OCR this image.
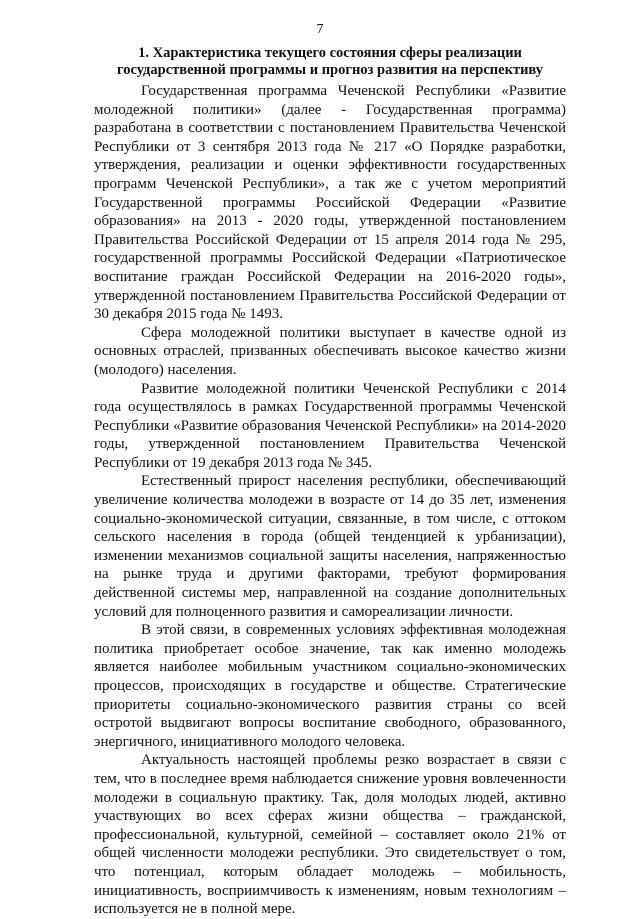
7
1. Характеристика текущего состояния сферы реализации
государственной программы и прогноз развития на перспективу

Государственная программа Чеченской Республики «Развитие молодежной политики» (далее - Государственная программа) разработана в соответствии с постановлением Правительства Чеченской Республики от 3 сентября 2013 года № 217 «О Порядке разработки, утверждения, реализации и оценки эффективности государственных программ Чеченской Республики», а так же с учетом мероприятий Государственной программы Российской Федерации «Развитие образования» на 2013 - 2020 годы, утвержденной постановлением Правительства Российской Федерации от 15 апреля 2014 года № 295, государственной программы Российской Федерации «Патриотическое воспитание граждан Российской Федерации на 2016-2020 годы», утвержденной постановлением Правительства Российской Федерации от 30 декабря 2015 года № 1493.

Сфера молодежной политики выступает в качестве одной из основных отраслей, призванных обеспечивать высокое качество жизни (молодого) населения.

Развитие молодежной политики Чеченской Республики с 2014 года осуществлялось в рамках Государственной программы Чеченской Республики «Развитие образования Чеченской Республики» на 2014-2020 годы, утвержденной постановлением Правительства Чеченской Республики от 19 декабря 2013 года № 345.

Естественный прирост населения республики, обеспечивающий увеличение количества молодежи в возрасте от 14 до 35 лет, изменения социально-экономической ситуации, связанные, в том числе, с оттоком сельского населения в города (общей тенденцией к урбанизации), изменении механизмов социальной защиты населения, напряженностью на рынке труда и другими факторами, требуют формирования действенной системы мер, направленной на создание дополнительных условий для полноценного развития и самореализации личности.

В этой связи, в современных условиях эффективная молодежная политика приобретает особое значение, так как именно молодежь является наиболее мобильным участником социально-экономических процессов, происходящих в государстве и обществе. Стратегические приоритеты социально-экономического развития страны со всей остротой выдвигают вопросы воспитание свободного, образованного, энергичного, инициативного молодого человека.

Актуальность настоящей проблемы резко возрастает в связи с тем, что в последнее время наблюдается снижение уровня вовлеченности молодежи в социальную практику. Так, доля молодых людей, активно участвующих во всех сферах жизни общества – гражданской, профессиональной, культурной, семейной – составляет около 21% от общей численности молодежи республики. Это свидетельствует о том, что потенциал, которым обладает молодежь – мобильность, инициативность, восприимчивость к изменениям, новым технологиям – используется не в полной мере.
